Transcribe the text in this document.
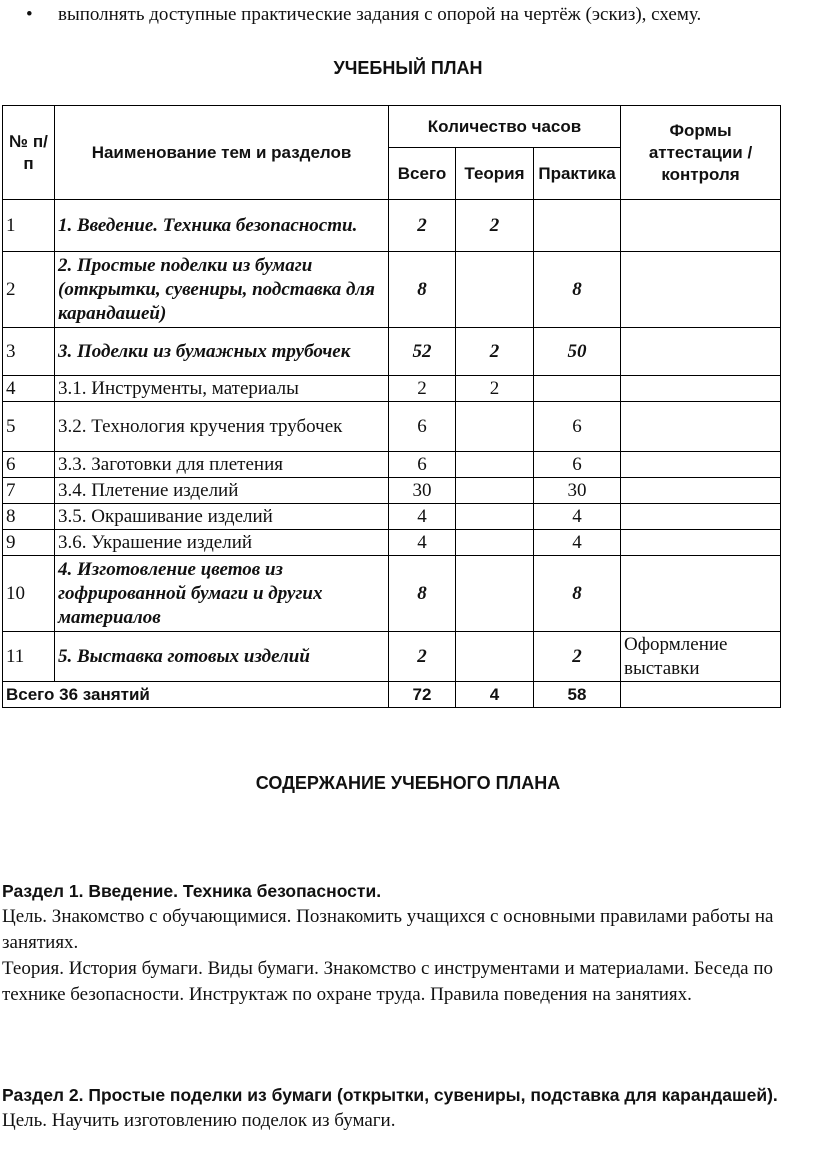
• выполнять доступные практические задания с опорой на чертёж (эскиз), схему.
УЧЕБНЫЙ ПЛАН
№ п/п	Наименование тем и разделов	Количество часов			Формы аттестации / контроля
		Всего	Теория	Практика	
1	1. Введение. Техника безопасности.	2	2		
2	2. Простые поделки из бумаги (открытки, сувениры, подставка для карандашей)	8		8	
3	3. Поделки из бумажных трубочек	52	2	50	
4	3.1. Инструменты, материалы	2	2		
5	3.2. Технология кручения трубочек	6		6	
6	3.3. Заготовки для плетения	6		6	
7	3.4. Плетение изделий	30		30	
8	3.5. Окрашивание изделий	4		4	
9	3.6. Украшение изделий	4		4	
10	4. Изготовление цветов из гофрированной бумаги и других материалов	8		8	
11	5. Выставка готовых изделий	2		2	Оформление выставки
Всего 36 занятий		72	4	58	
СОДЕРЖАНИЕ УЧЕБНОГО ПЛАНА
Раздел 1. Введение. Техника безопасности.
Цель. Знакомство с обучающимися. Познакомить учащихся с основными правилами работы на занятиях.
Теория. История бумаги. Виды бумаги. Знакомство с инструментами и материалами. Беседа по технике безопасности. Инструктаж по охране труда. Правила поведения на занятиях.
Раздел 2. Простые поделки из бумаги (открытки, сувениры, подставка для карандашей).
Цель. Научить изготовлению поделок из бумаги.
